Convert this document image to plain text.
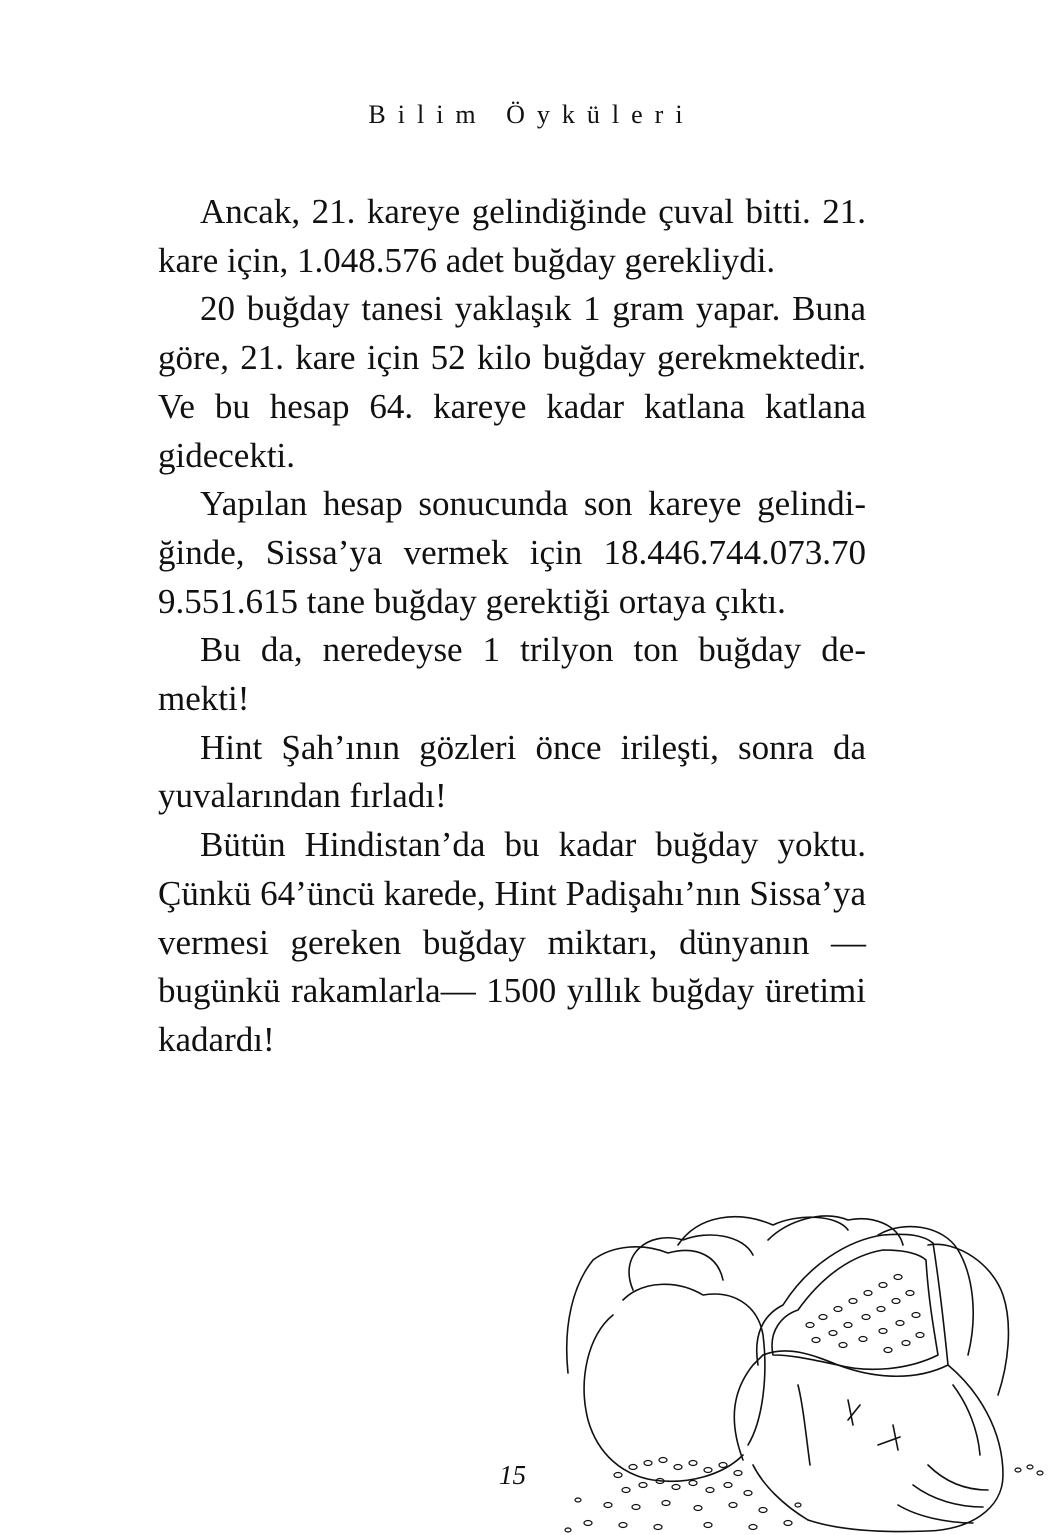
Bilim Öyküleri

Ancak, 21. kareye gelindiğinde çuval bitti. 21. kare için, 1.048.576 adet buğday gerekliydi.

20 buğday tanesi yaklaşık 1 gram yapar. Buna göre, 21. kare için 52 kilo buğday gerekmektedir. Ve bu hesap 64. kareye kadar katlana katlana gidecekti.

Yapılan hesap sonucunda son kareye gelindiğinde, Sissa’ya vermek için 18.446.744.073.70 9.551.615 tane buğday gerektiği ortaya çıktı.

Bu da, neredeyse 1 trilyon ton buğday demekti!

Hint Şah’ının gözleri önce irileşti, sonra da yuvalarından fırladı!

Bütün Hindistan’da bu kadar buğday yoktu. Çünkü 64’üncü karede, Hint Padişahı’nın Sissa’ya vermesi gereken buğday miktarı, dünyanın —bugünkü rakamlarla— 1500 yıllık buğday üretimi kadardı!

15
